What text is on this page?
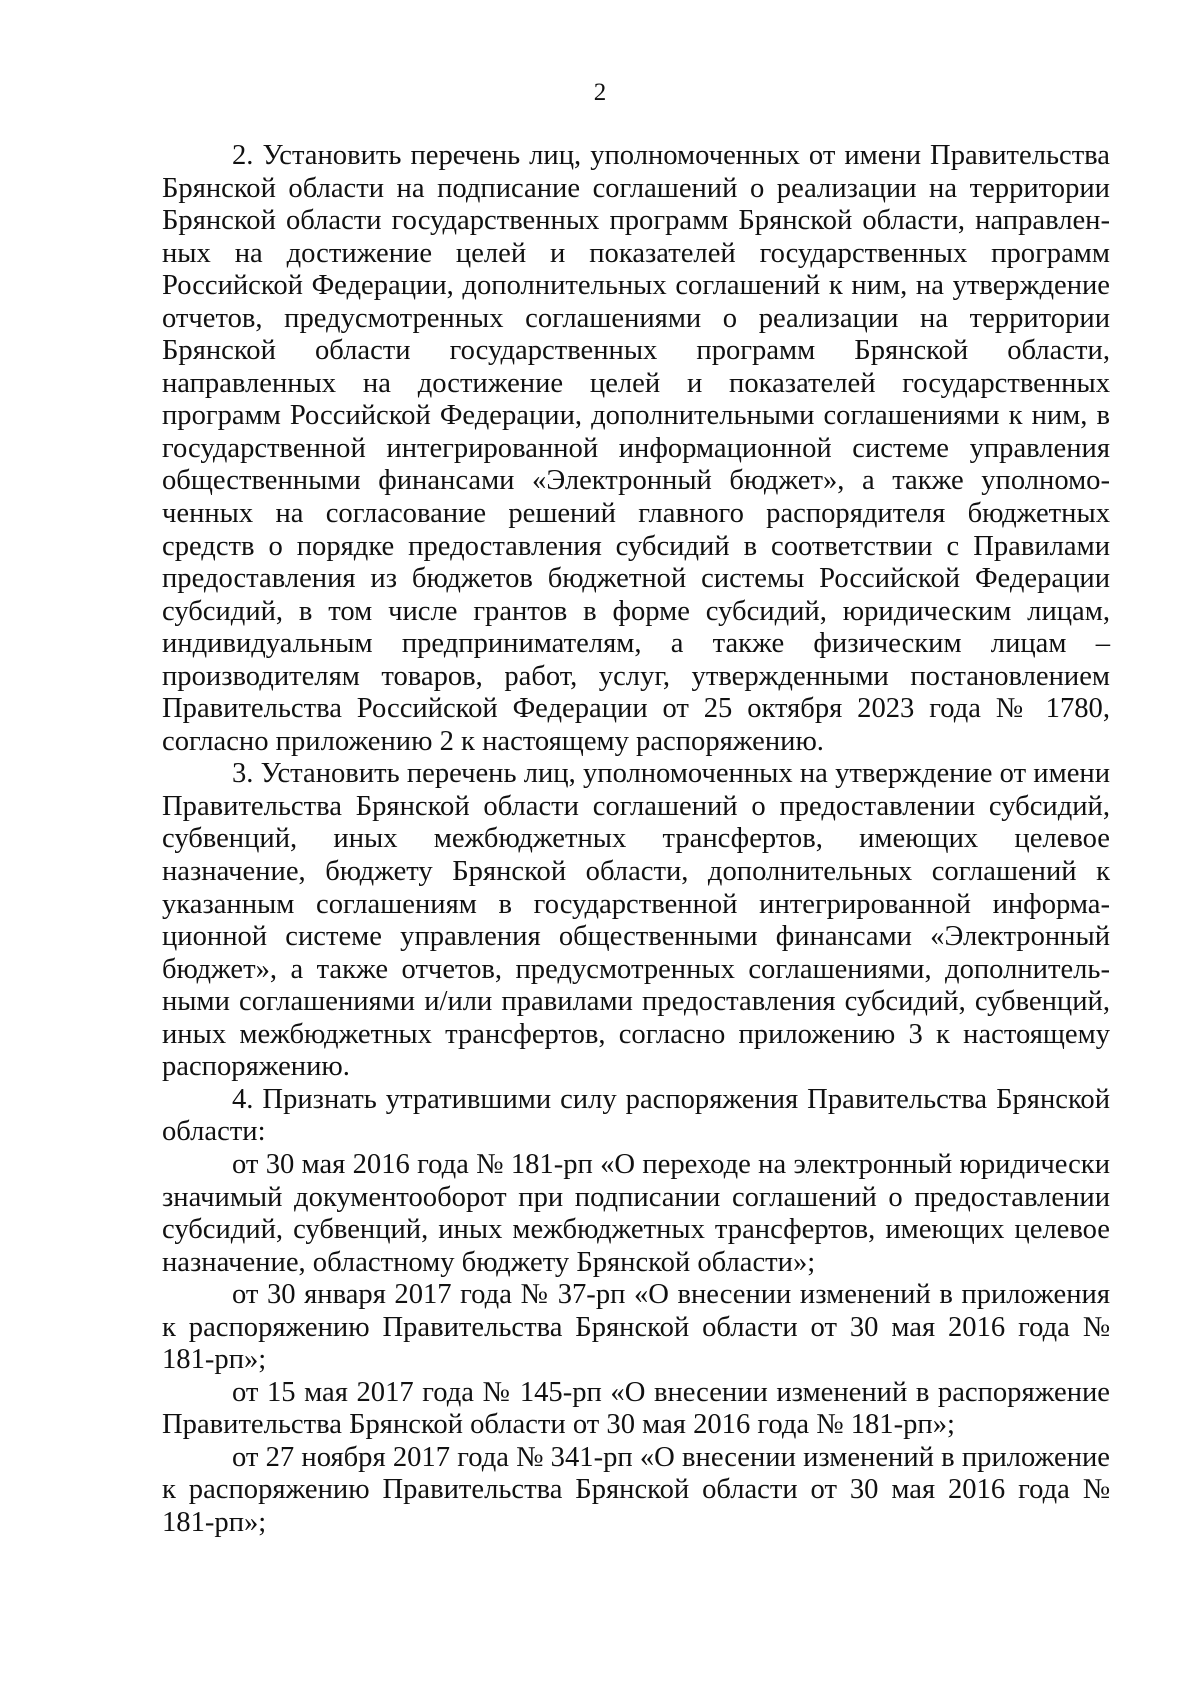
2

2. Установить перечень лиц, уполномоченных от имени Правительства Брянской области на подписание соглашений о реализации на территории Брянской области государственных программ Брянской области, направленных на достижение целей и показателей государственных программ Российской Федерации, дополнительных соглашений к ним, на утверждение отчетов, предусмотренных соглашениями о реализации на территории Брянской области государственных программ Брянской области, направленных на достижение целей и показателей государственных программ Российской Федерации, дополнительными соглашениями к ним, в государственной интегрированной информационной системе управления общественными финансами «Электронный бюджет», а также уполномоченных на согласование решений главного распорядителя бюджетных средств о порядке предоставления субсидий в соответствии с Правилами предоставления из бюджетов бюджетной системы Российской Федерации субсидий, в том числе грантов в форме субсидий, юридическим лицам, индивидуальным предпринимателям, а также физическим лицам – производителям товаров, работ, услуг, утвержденными постановлением Правительства Российской Федерации от 25 октября 2023 года № 1780, согласно приложению 2 к настоящему распоряжению.

3. Установить перечень лиц, уполномоченных на утверждение от имени Правительства Брянской области соглашений о предоставлении субсидий, субвенций, иных межбюджетных трансфертов, имеющих целевое назначение, бюджету Брянской области, дополнительных соглашений к указанным соглашениям в государственной интегрированной информационной системе управления общественными финансами «Электронный бюджет», а также отчетов, предусмотренных соглашениями, дополнительными соглашениями и/или правилами предоставления субсидий, субвенций, иных межбюджетных трансфертов, согласно приложению 3 к настоящему распоряжению.

4. Признать утратившими силу распоряжения Правительства Брянской области:

от 30 мая 2016 года № 181-рп «О переходе на электронный юридически значимый документооборот при подписании соглашений о предоставлении субсидий, субвенций, иных межбюджетных трансфертов, имеющих целевое назначение, областному бюджету Брянской области»;

от 30 января 2017 года № 37-рп «О внесении изменений в приложения к распоряжению Правительства Брянской области от 30 мая 2016 года № 181-рп»;

от 15 мая 2017 года № 145-рп «О внесении изменений в распоряжение Правительства Брянской области от 30 мая 2016 года № 181-рп»;

от 27 ноября 2017 года № 341-рп «О внесении изменений в приложение к распоряжению Правительства Брянской области от 30 мая 2016 года № 181-рп»;
